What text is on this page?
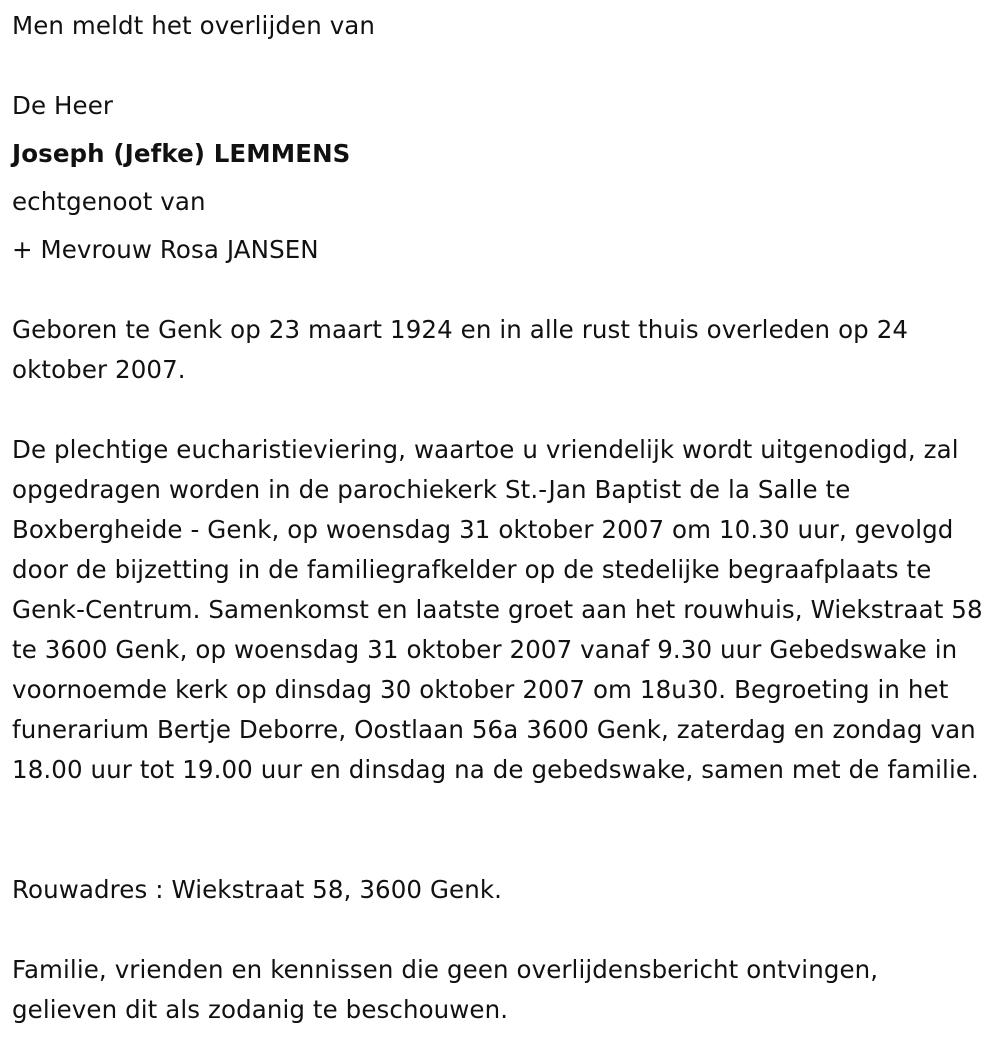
Men meldt het overlijden van
De Heer
Joseph (Jefke) LEMMENS
echtgenoot van
+ Mevrouw Rosa JANSEN
Geboren te Genk op 23 maart 1924 en in alle rust thuis overleden op 24 oktober 2007.
De plechtige eucharistieviering, waartoe u vriendelijk wordt uitgenodigd, zal opgedragen worden in de parochiekerk St.-Jan Baptist de la Salle te Boxbergheide - Genk, op woensdag 31 oktober 2007 om 10.30 uur, gevolgd door de bijzetting in de familiegrafkelder op de stedelijke begraafplaats te Genk-Centrum. Samenkomst en laatste groet aan het rouwhuis, Wiekstraat 58 te 3600 Genk, op woensdag 31 oktober 2007 vanaf 9.30 uur Gebedswake in voornoemde kerk op dinsdag 30 oktober 2007 om 18u30. Begroeting in het funerarium Bertje Deborre, Oostlaan 56a 3600 Genk, zaterdag en zondag van 18.00 uur tot 19.00 uur en dinsdag na de gebedswake, samen met de familie.
Rouwadres : Wiekstraat 58, 3600 Genk.
Familie, vrienden en kennissen die geen overlijdensbericht ontvingen, gelieven dit als zodanig te beschouwen.
